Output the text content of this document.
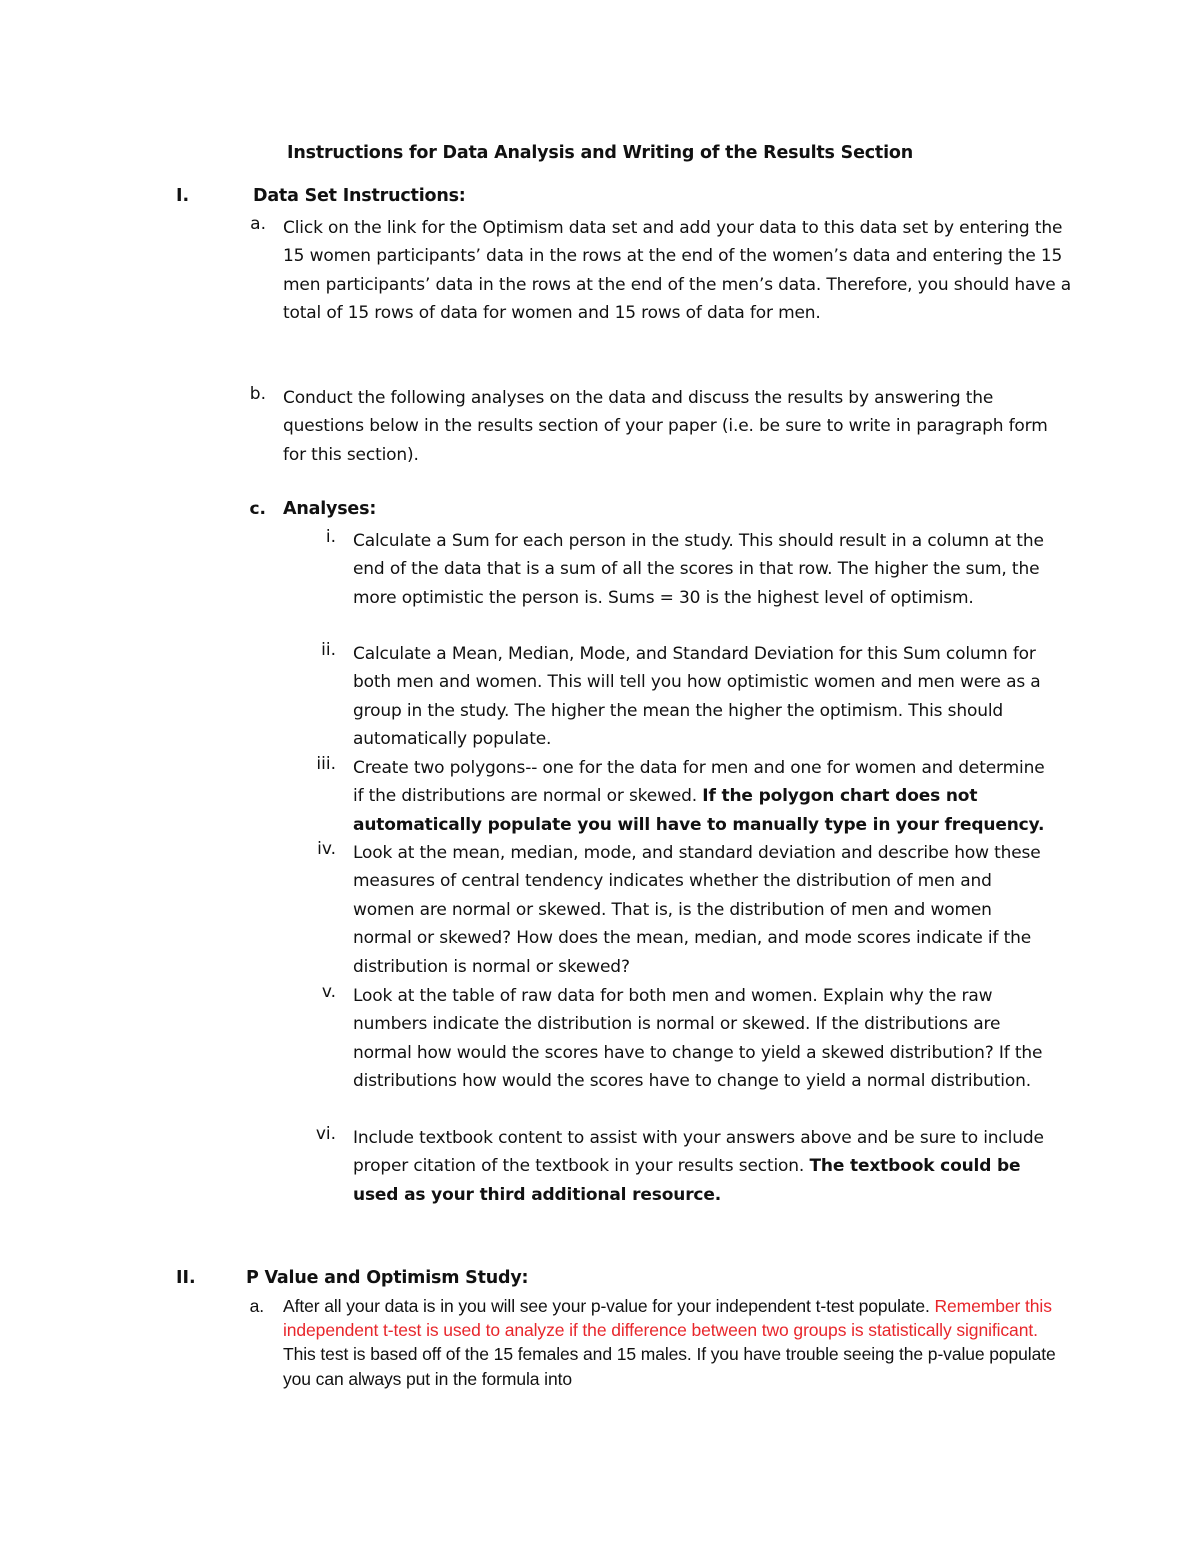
Instructions for Data Analysis and Writing of the Results Section
I.	Data Set Instructions:
a. Click on the link for the Optimism data set and add your data to this data set by entering the 15 women participants’ data in the rows at the end of the women’s data and entering the 15 men participants’ data in the rows at the end of the men’s data. Therefore, you should have a total of 15 rows of data for women and 15 rows of data for men.
b. Conduct the following analyses on the data and discuss the results by answering the questions below in the results section of your paper (i.e. be sure to write in paragraph form for this section).
c. Analyses:
i. Calculate a Sum for each person in the study. This should result in a column at the end of the data that is a sum of all the scores in that row. The higher the sum, the more optimistic the person is. Sums = 30 is the highest level of optimism.
ii. Calculate a Mean, Median, Mode, and Standard Deviation for this Sum column for both men and women. This will tell you how optimistic women and men were as a group in the study. The higher the mean the higher the optimism. This should automatically populate.
iii. Create two polygons-- one for the data for men and one for women and determine if the distributions are normal or skewed. If the polygon chart does not automatically populate you will have to manually type in your frequency.
iv. Look at the mean, median, mode, and standard deviation and describe how these measures of central tendency indicates whether the distribution of men and women are normal or skewed. That is, is the distribution of men and women normal or skewed? How does the mean, median, and mode scores indicate if the distribution is normal or skewed?
v. Look at the table of raw data for both men and women. Explain why the raw numbers indicate the distribution is normal or skewed. If the distributions are normal how would the scores have to change to yield a skewed distribution? If the distributions how would the scores have to change to yield a normal distribution.
vi. Include textbook content to assist with your answers above and be sure to include proper citation of the textbook in your results section. The textbook could be used as your third additional resource.
II.	P Value and Optimism Study:
a. After all your data is in you will see your p-value for your independent t-test populate. Remember this independent t-test is used to analyze if the difference between two groups is statistically significant. This test is based off of the 15 females and 15 males. If you have trouble seeing the p-value populate you can always put in the formula into
